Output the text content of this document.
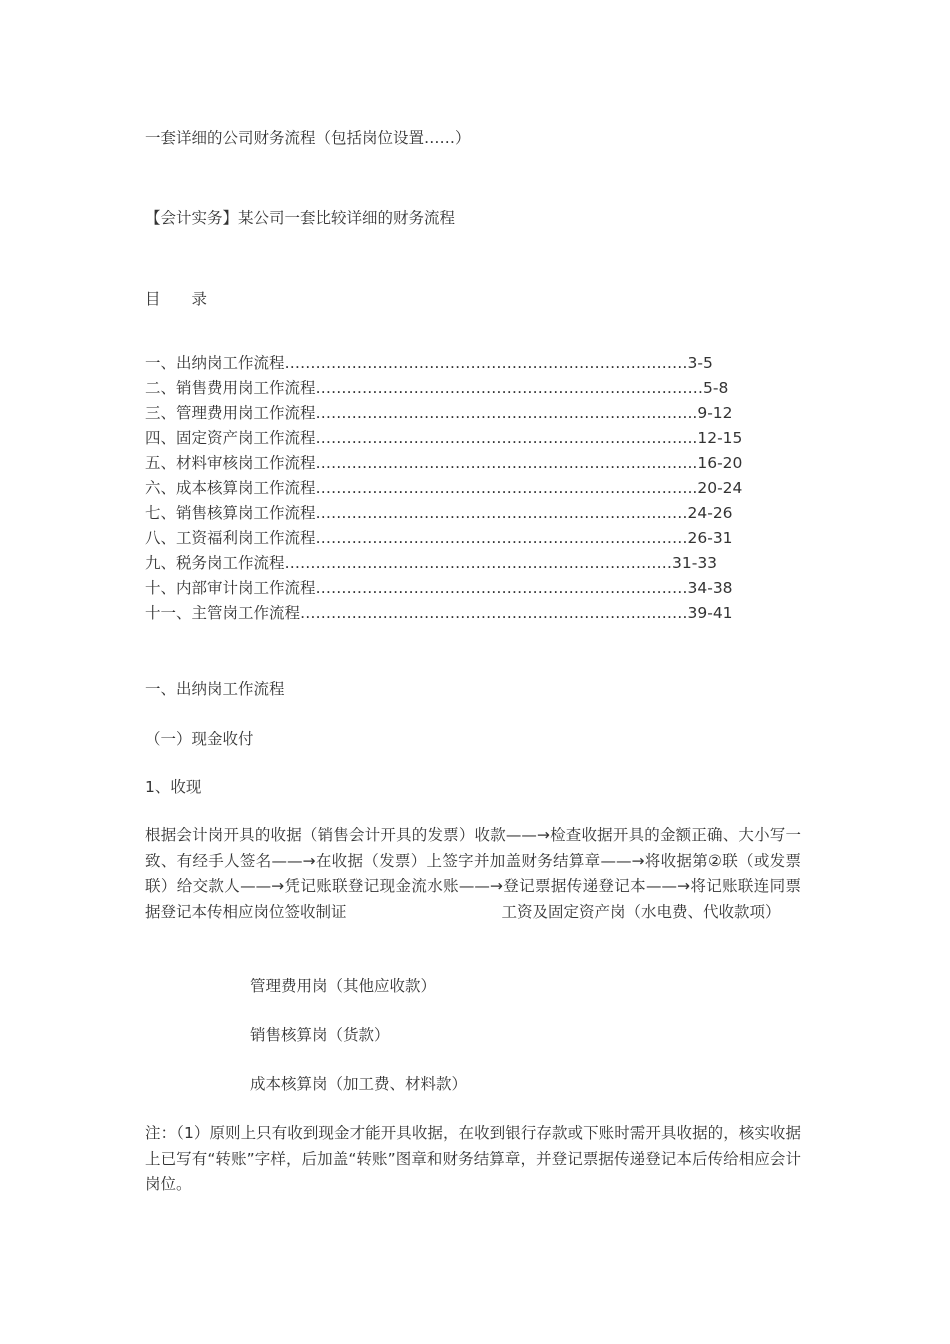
一套详细的公司财务流程（包括岗位设置……）
【会计实务】某公司一套比较详细的财务流程
目　　录
一、出纳岗工作流程……………………………………………………………………3-5
二、销售费用岗工作流程…………………………………………………………………5-8
三、管理费用岗工作流程………………………………………………………………..9-12
四、固定资产岗工作流程………………………………………………………………..12-15
五、材料审核岗工作流程………………………………………………………………..16-20
六、成本核算岗工作流程………………………………………………………………..20-24
七、销售核算岗工作流程………………………………………………………………24-26
八、工资福利岗工作流程………………………………………………………………26-31
九、税务岗工作流程…………………………………………………………………31-33
十、内部审计岗工作流程………………………………………………………………34-38
十一、主管岗工作流程…………………………………………………………………39-41
一、出纳岗工作流程
（一）现金收付
1、收现

根据会计岗开具的收据（销售会计开具的发票）收款——→检查收据开具的金额正确、大小写一致、有经手人签名——→在收据（发票）上签字并加盖财务结算章——→将收据第②联（或发票联）给交款人——→凭记账联登记现金流水账——→登记票据传递登记本——→将记账联连同票据登记本传相应岗位签收制证　　　　　　　　　　工资及固定资产岗（水电费、代收款项）

管理费用岗（其他应收款）
销售核算岗（货款）
成本核算岗（加工费、材料款）

注：（1）原则上只有收到现金才能开具收据，在收到银行存款或下账时需开具收据的，核实收据上已写有“转账”字样，后加盖“转账”图章和财务结算章，并登记票据传递登记本后传给相应会计岗位。
